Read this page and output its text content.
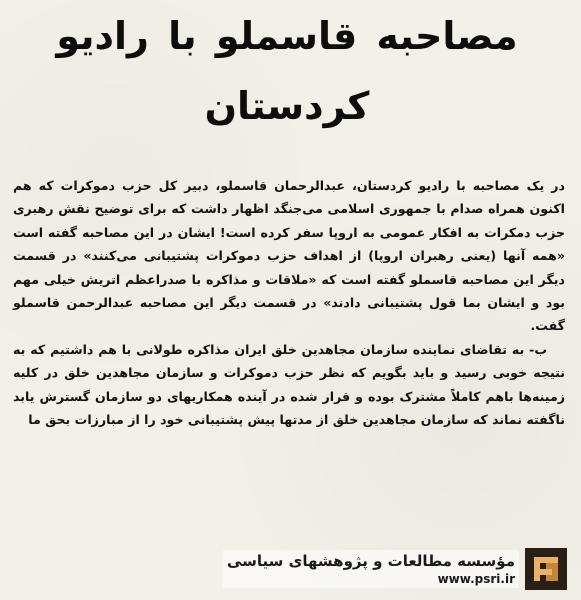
مصاحبه قاسملو با رادیو
کردستان

در یک مصاحبه با رادیو کردستان، عبدالرحمان قاسملو، دبیر کل حزب دموکرات که هم اکنون همراه صدام با جمهوری اسلامی می‌جنگد اظهار داشت که برای توضیح نقش رهبری حزب دمکرات به افکار عمومی به اروپا سفر کرده است! ایشان در این مصاحبه گفته است «همه آنها (یعنی رهبران اروپا) از اهداف حزب دموکرات پشتیبانی می‌کنند» در قسمت دیگر این مصاحبه قاسملو گفته است که «ملاقات و مذاکره با صدراعظم اتریش خیلی مهم بود و ایشان بما قول پشتیبانی دادند» در قسمت دیگر این مصاحبه عبدالرحمن قاسملو گفت.

ب- به تقاضای نماینده سازمان مجاهدین خلق ایران مذاکره طولانی با هم داشتیم که به نتیجه خوبی رسید و باید بگویم که نظر حزب دموکرات و سازمان مجاهدین خلق در کلیه زمینه‌ها باهم کاملاً مشترک بوده و قرار شده در آینده همکاریهای دو سازمان گسترش یابد ناگفته نماند که سازمان مجاهدین خلق از مدتها پیش پشتیبانی خود را از مبارزات بحق ما

مؤسسه مطالعات و پژوهشهای سیاسی
www.psri.ir
